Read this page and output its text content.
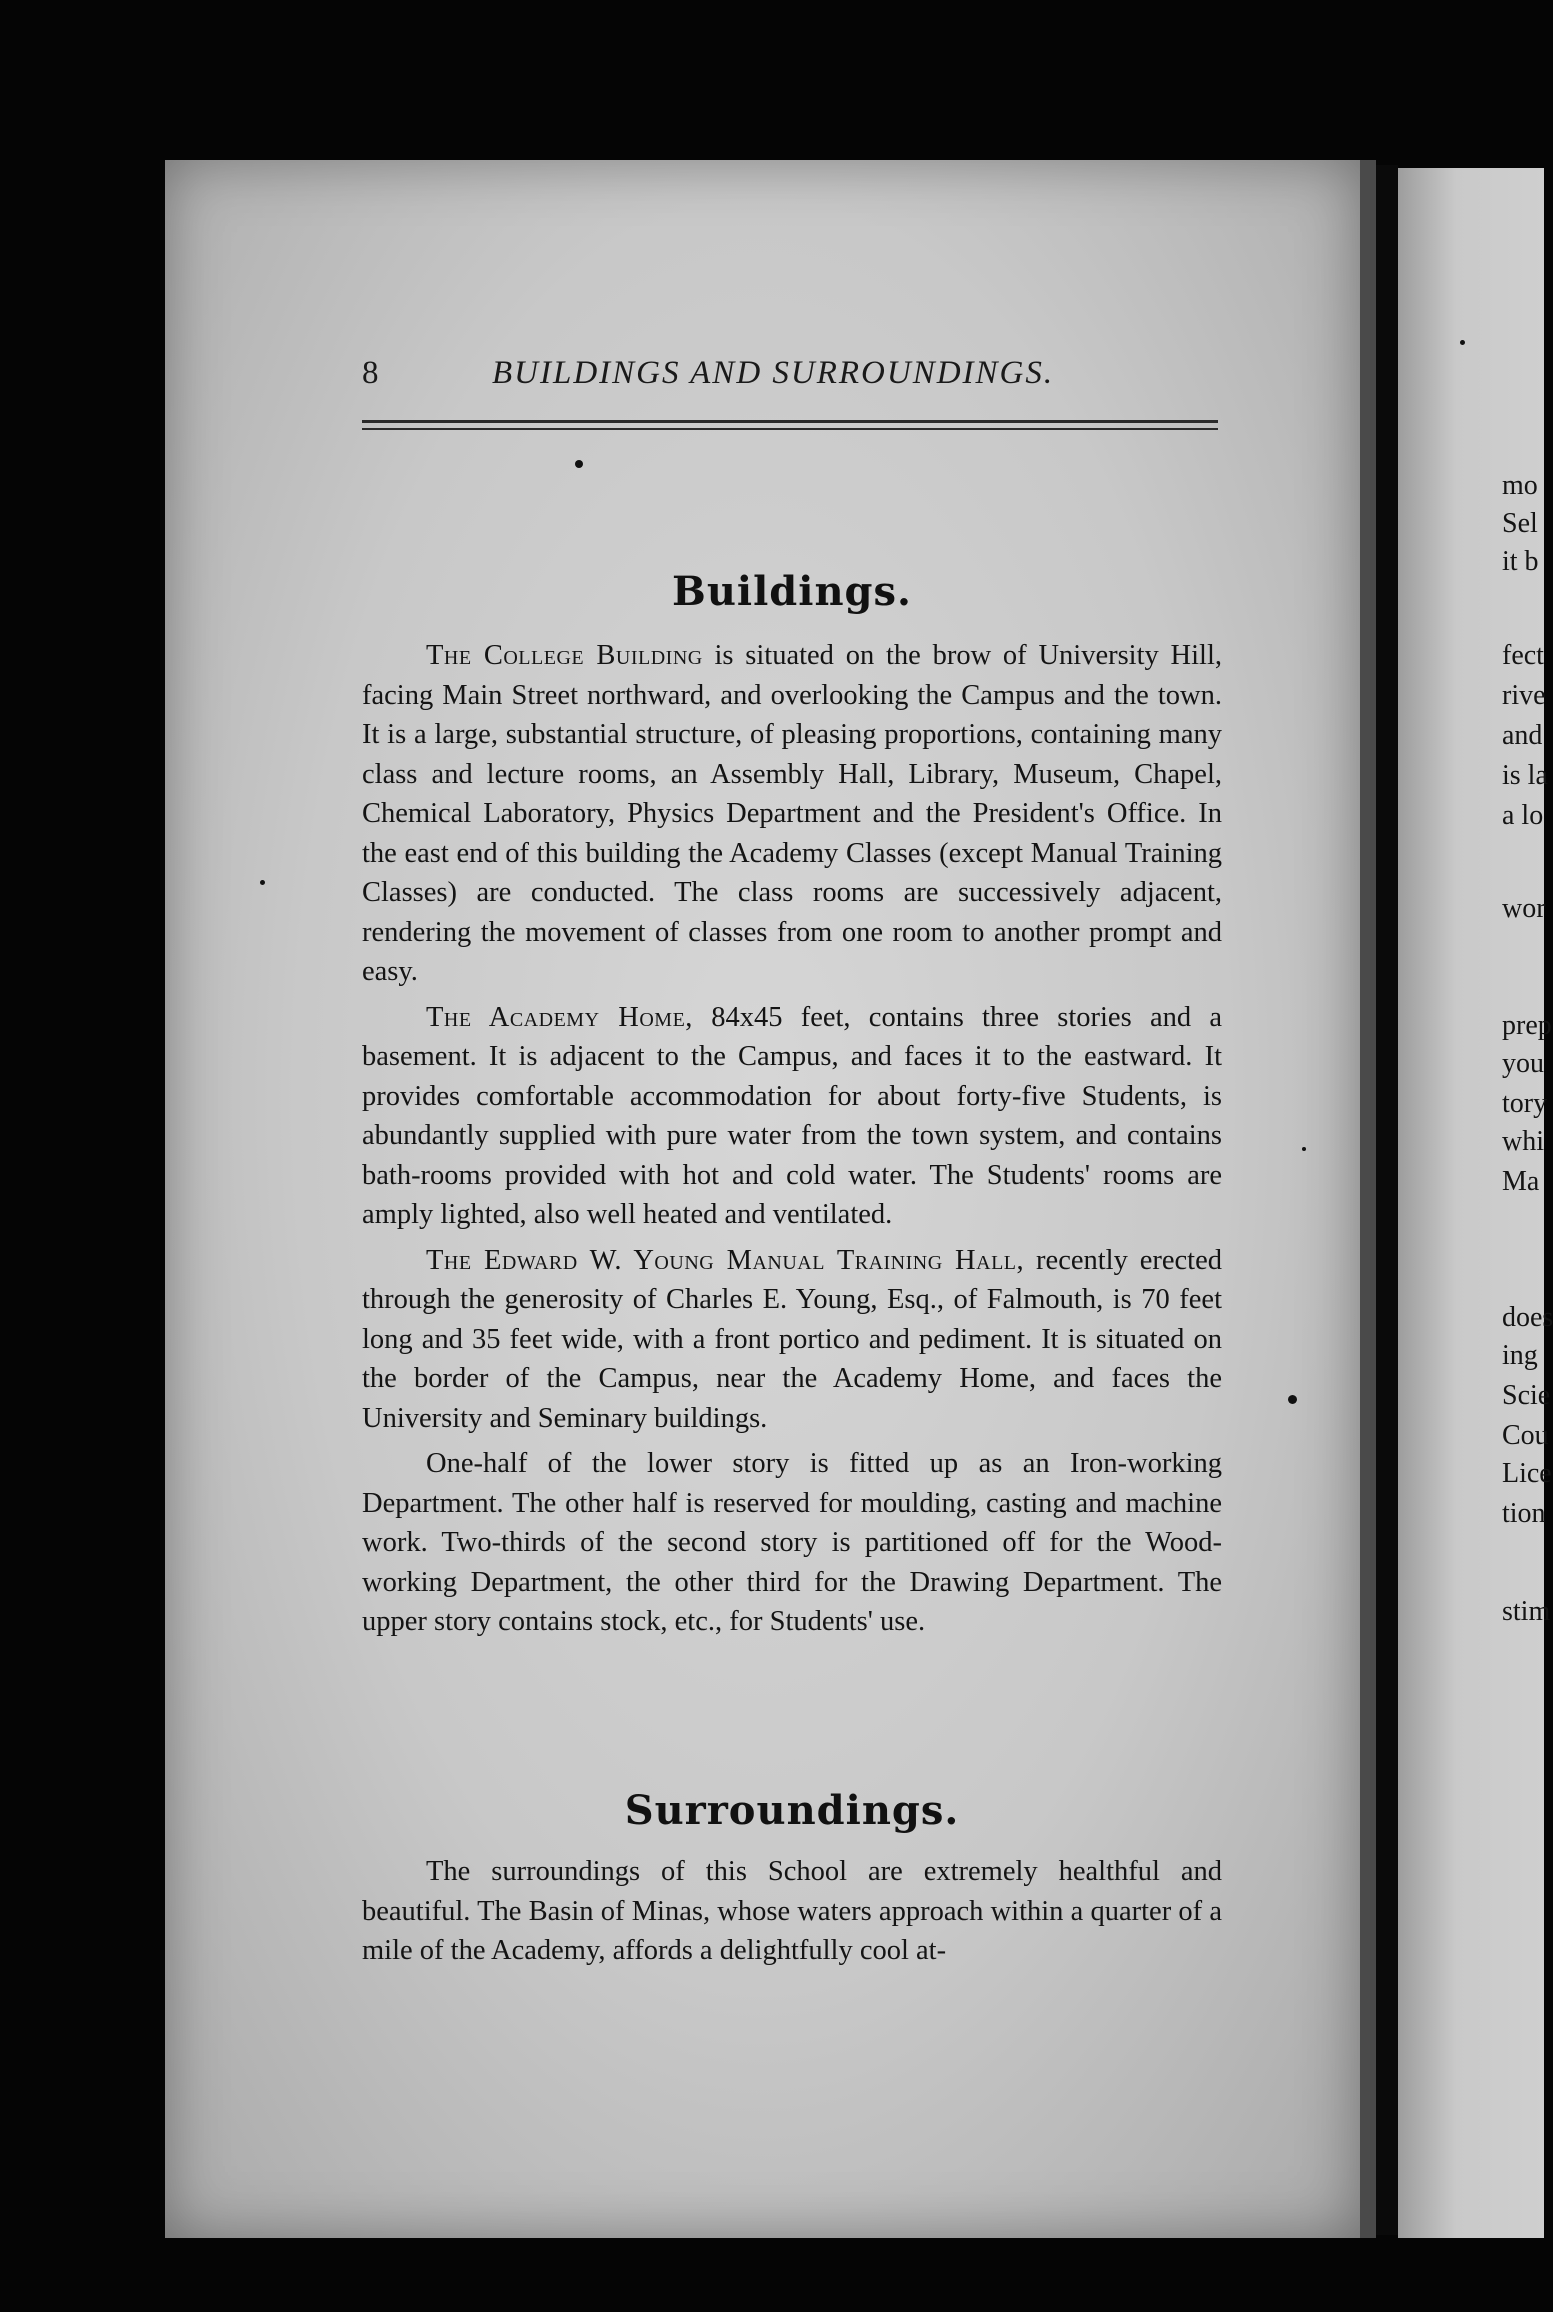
8	BUILDINGS AND SURROUNDINGS.
Buildings.

The College Building is situated on the brow of University Hill, facing Main Street northward, and overlooking the Campus and the town. It is a large, substantial structure, of pleasing proportions, containing many class and lecture rooms, an Assembly Hall, Library, Museum, Chapel, Chemical Laboratory, Physics Department and the President's Office. In the east end of this building the Academy Classes (except Manual Training Classes) are conducted. The class rooms are successively adjacent, rendering the movement of classes from one room to another prompt and easy.

The Academy Home, 84x45 feet, contains three stories and a basement. It is adjacent to the Campus, and faces it to the eastward. It provides comfortable accommodation for about forty-five Students, is abundantly supplied with pure water from the town system, and contains bath-rooms provided with hot and cold water. The Students' rooms are amply lighted, also well heated and ventilated.

The Edward W. Young Manual Training Hall, recently erected through the generosity of Charles E. Young, Esq., of Falmouth, is 70 feet long and 35 feet wide, with a front portico and pediment. It is situated on the border of the Campus, near the Academy Home, and faces the University and Seminary buildings.

One-half of the lower story is fitted up as an Iron-working Department. The other half is reserved for moulding, casting and machine work. Two-thirds of the second story is partitioned off for the Wood-working Department, the other third for the Drawing Department. The upper story contains stock, etc., for Students' use.

Surroundings.

The surroundings of this School are extremely healthful and beautiful. The Basin of Minas, whose waters approach within a quarter of a mile of the Academy, affords a delightfully cool at-

mo
Sel
it b
fect
rive
and
is la
a lo
wor
prep
you
tory
whi
Ma
does
ing
Scie
Cou
Lice
tion
stim
